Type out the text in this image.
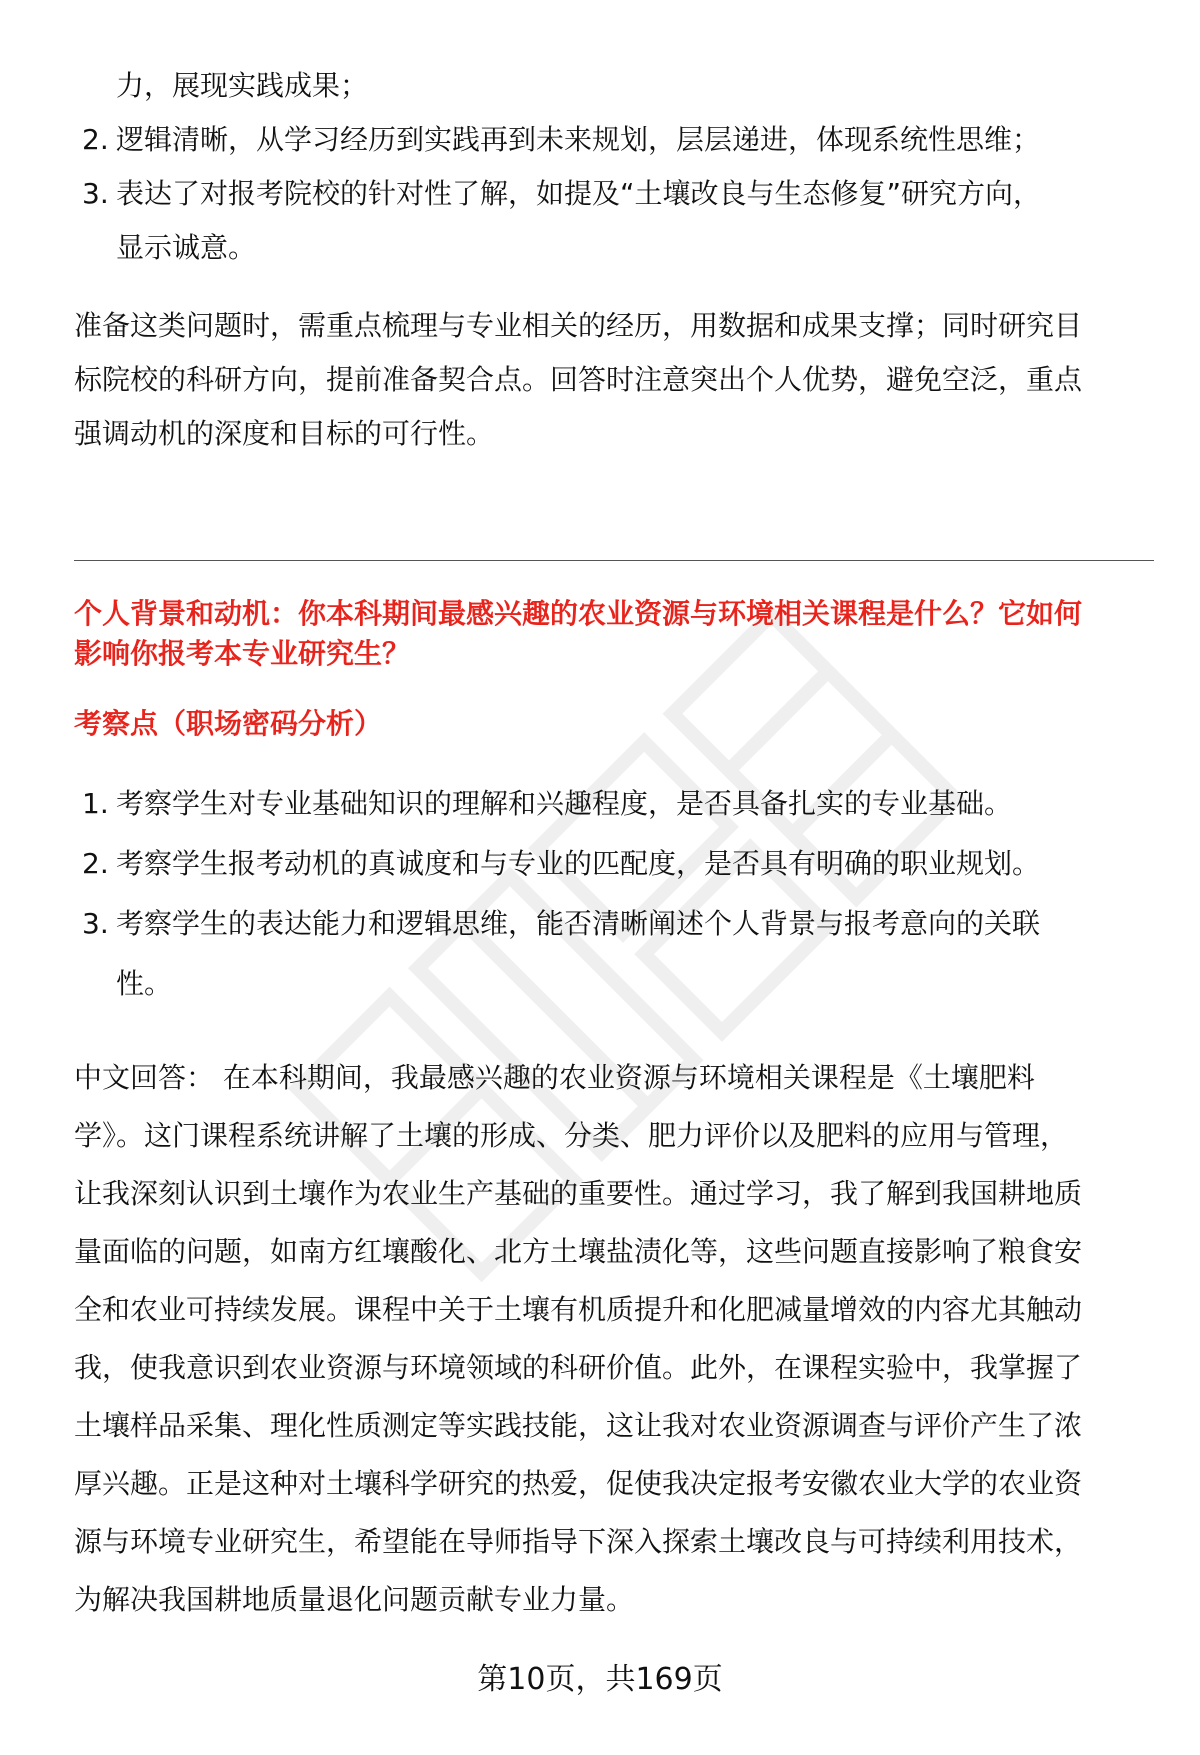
力，展现实践成果；
2. 逻辑清晰，从学习经历到实践再到未来规划，层层递进，体现系统性思维；
3. 表达了对报考院校的针对性了解，如提及“土壤改良与生态修复”研究方向，
显示诚意。
准备这类问题时，需重点梳理与专业相关的经历，用数据和成果支撑；同时研究目
标院校的科研方向，提前准备契合点。回答时注意突出个人优势，避免空泛，重点
强调动机的深度和目标的可行性。
个人背景和动机：你本科期间最感兴趣的农业资源与环境相关课程是什么？它如何
影响你报考本专业研究生？
考察点（职场密码分析）
1. 考察学生对专业基础知识的理解和兴趣程度，是否具备扎实的专业基础。
2. 考察学生报考动机的真诚度和与专业的匹配度，是否具有明确的职业规划。
3. 考察学生的表达能力和逻辑思维，能否清晰阐述个人背景与报考意向的关联
性。
中文回答： 在本科期间，我最感兴趣的农业资源与环境相关课程是《土壤肥料
学》。这门课程系统讲解了土壤的形成、分类、肥力评价以及肥料的应用与管理，
让我深刻认识到土壤作为农业生产基础的重要性。通过学习，我了解到我国耕地质
量面临的问题，如南方红壤酸化、北方土壤盐渍化等，这些问题直接影响了粮食安
全和农业可持续发展。课程中关于土壤有机质提升和化肥减量增效的内容尤其触动
我，使我意识到农业资源与环境领域的科研价值。此外，在课程实验中，我掌握了
土壤样品采集、理化性质测定等实践技能，这让我对农业资源调查与评价产生了浓
厚兴趣。正是这种对土壤科学研究的热爱，促使我决定报考安徽农业大学的农业资
源与环境专业研究生，希望能在导师指导下深入探索土壤改良与可持续利用技术，
为解决我国耕地质量退化问题贡献专业力量。
第10页，共169页
